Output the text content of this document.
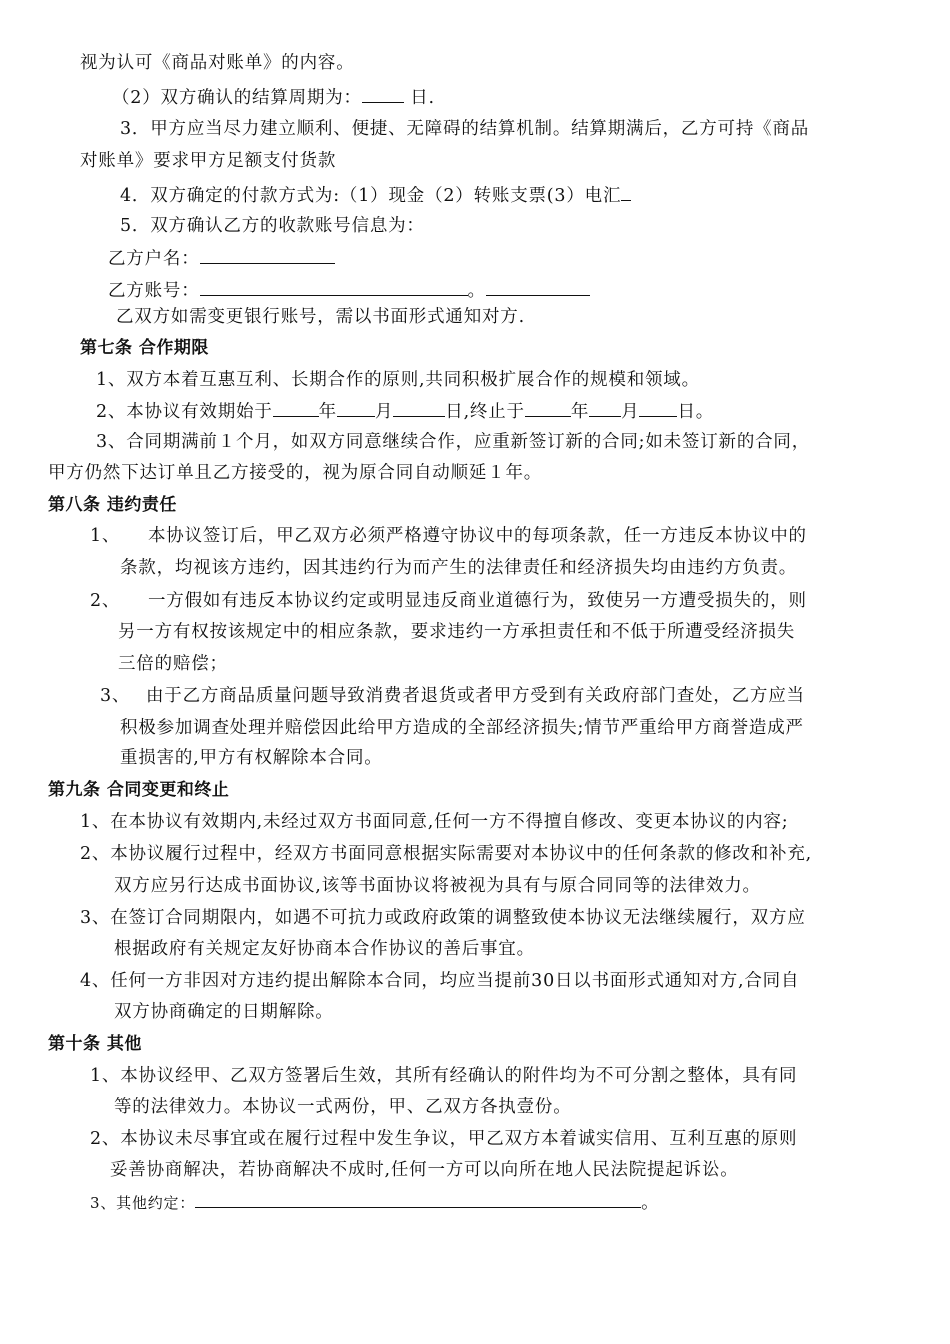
视为认可《商品对账单》的内容。
（2）双方确认的结算周期为： 日.
3．甲方应当尽力建立顺利、便捷、无障碍的结算机制。结算期满后，乙方可持《商品
对账单》要求甲方足额支付货款
4．双方确定的付款方式为:（1）现金（2）转账支票(3）电汇
5．双方确认乙方的收款账号信息为：
乙方户名：
乙方账号：	。
乙双方如需变更银行账号，需以书面形式通知对方.
第七条 合作期限
1、双方本着互惠互利、长期合作的原则,共同积极扩展合作的规模和领域。
2、本协议有效期始于	年 月	日,终止于	年 月 日。
3、合同期满前１个月，如双方同意继续合作，应重新签订新的合同;如未签订新的合同，
甲方仍然下达订单且乙方接受的，视为原合同自动顺延１年。
第八条 违约责任
1、 本协议签订后，甲乙双方必须严格遵守协议中的每项条款，任一方违反本协议中的
条款，均视该方违约，因其违约行为而产生的法律责任和经济损失均由违约方负责。
2、 一方假如有违反本协议约定或明显违反商业道德行为，致使另一方遭受损失的，则
另一方有权按该规定中的相应条款，要求违约一方承担责任和不低于所遭受经济损失
三倍的赔偿；
3、 由于乙方商品质量问题导致消费者退货或者甲方受到有关政府部门查处，乙方应当
积极参加调查处理并赔偿因此给甲方造成的全部经济损失;情节严重给甲方商誉造成严
重损害的,甲方有权解除本合同。
第九条 合同变更和终止
1、在本协议有效期内,未经过双方书面同意,任何一方不得擅自修改、变更本协议的内容;
2、本协议履行过程中，经双方书面同意根据实际需要对本协议中的任何条款的修改和补充,
双方应另行达成书面协议,该等书面协议将被视为具有与原合同同等的法律效力。
3、在签订合同期限内，如遇不可抗力或政府政策的调整致使本协议无法继续履行，双方应
根据政府有关规定友好协商本合作协议的善后事宜。
4、任何一方非因对方违约提出解除本合同，均应当提前30日以书面形式通知对方,合同自
双方协商确定的日期解除。
第十条 其他
1、本协议经甲、乙双方签署后生效，其所有经确认的附件均为不可分割之整体，具有同
等的法律效力。本协议一式两份，甲、乙双方各执壹份。
2、本协议未尽事宜或在履行过程中发生争议，甲乙双方本着诚实信用、互利互惠的原则
妥善协商解决，若协商解决不成时,任何一方可以向所在地人民法院提起诉讼。
3、其他约定：	。
